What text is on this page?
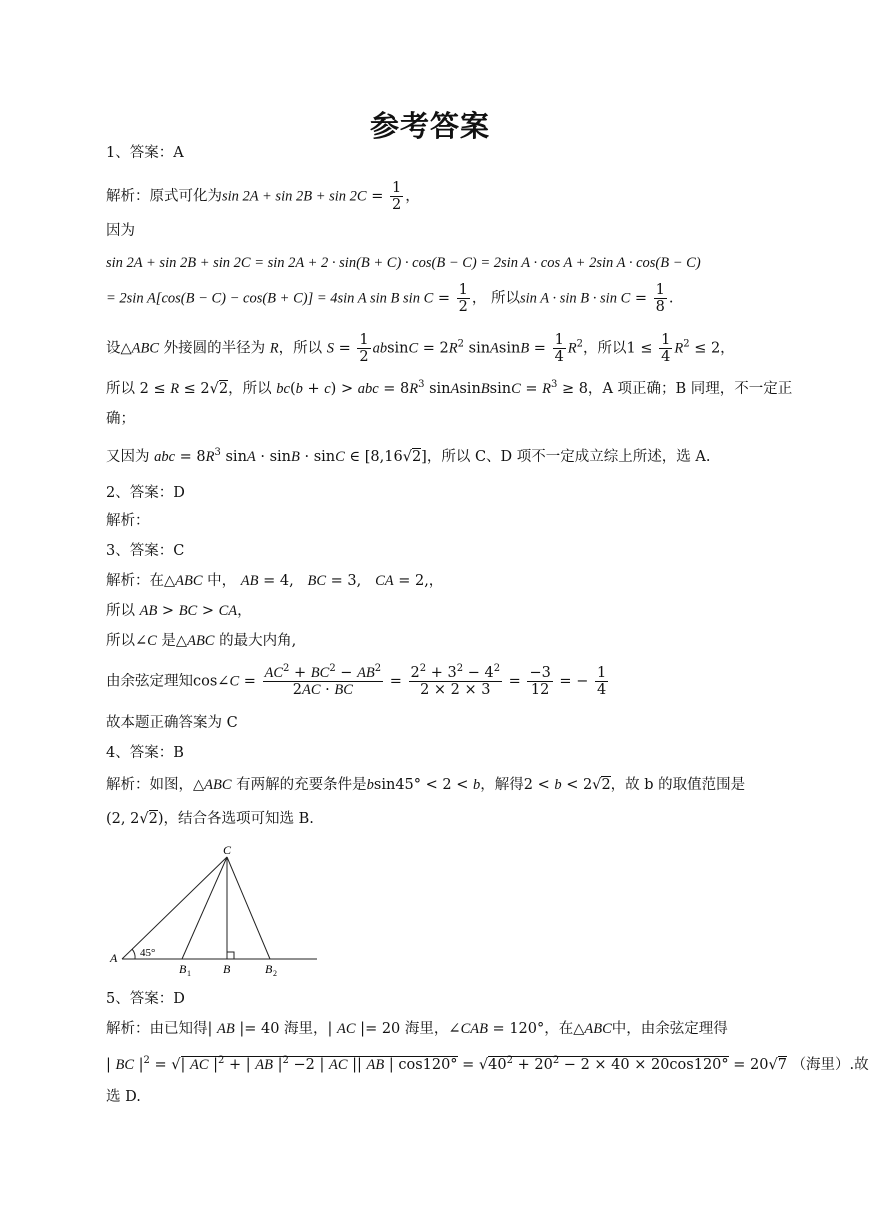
参考答案
1、答案：A
解析：原式可化为$\sin 2A + \sin 2B + \sin 2C = \frac{1}{2}$ ，
因为
sin 2A + sin 2B + sin 2C = sin 2A + 2 · sin(B + C) · cos(B − C) = 2sin A · cos A + 2sin A · cos(B − C)
= 2sin A[cos(B − C) − cos(B + C)] = 4sin A sin B $\sin C = \frac{1}{2}$ ， 所以$\sin A \cdot \sin B \cdot \sin C = \frac{1}{8}$ .
设△ABC 外接圆的半径为 R，所以 $S = \frac{1}{2}$ $absinC = 2R^2$ sinAsinB = $\frac{1}{4} R^2$，所以$1 \le \frac{1}{4} R^2 \le 2$，
所以 2 ≤ R ≤ 2√2，所以 bc(b + c) > abc = $8R^3$ sinAsinBsinC = $R^3 \ge 8$，A 项正确；B 同理，不一定正
确；
又因为 abc = $8R^3$ sinA · sinB · sinC ∈ [8,16√2]，所以 C、D 项不一定成立综上所述，选 A.
2、答案：D
解析：
3、答案：C
解析：在△ABC 中， AB = 4,   BC = 3,   CA = 2,，
所以 AB > BC > CA，
所以∠C 是△ABC 的最大内角,
由余弦定理知cos∠C = $\frac{AC^2 + BC^2 - AB^2}{2AC \cdot BC} = \frac{2^2 + 3^2 - 4^2}{2 \times 2 \times 3} = \frac{-3}{12}$ = − $\frac{1}{4}$
故本题正确答案为 C
4、答案：B
解析：如图，△ABC 有两解的充要条件是bsin45° < 2 < b，解得2 < b < 2√2，故 b 的取值范围是
(2, 2√2)，结合各选项可知选 B.
C
A 45°
B 1	B	B 2
5、答案：D
解析：由已知得| AB |= 40 海里，| AC |= 20 海里，∠CAB = 120°，在△ABC中，由余弦定理得
| BC $|^2$ = √| AC $|^2$ + | AB $|^2 -2$ | AC || AB | $\cos 120^\circ = √40^2 + 20^2 - 2 \times 40 \times 20\cos 120^\circ = 20√7$ （海里）.故
选 D.
